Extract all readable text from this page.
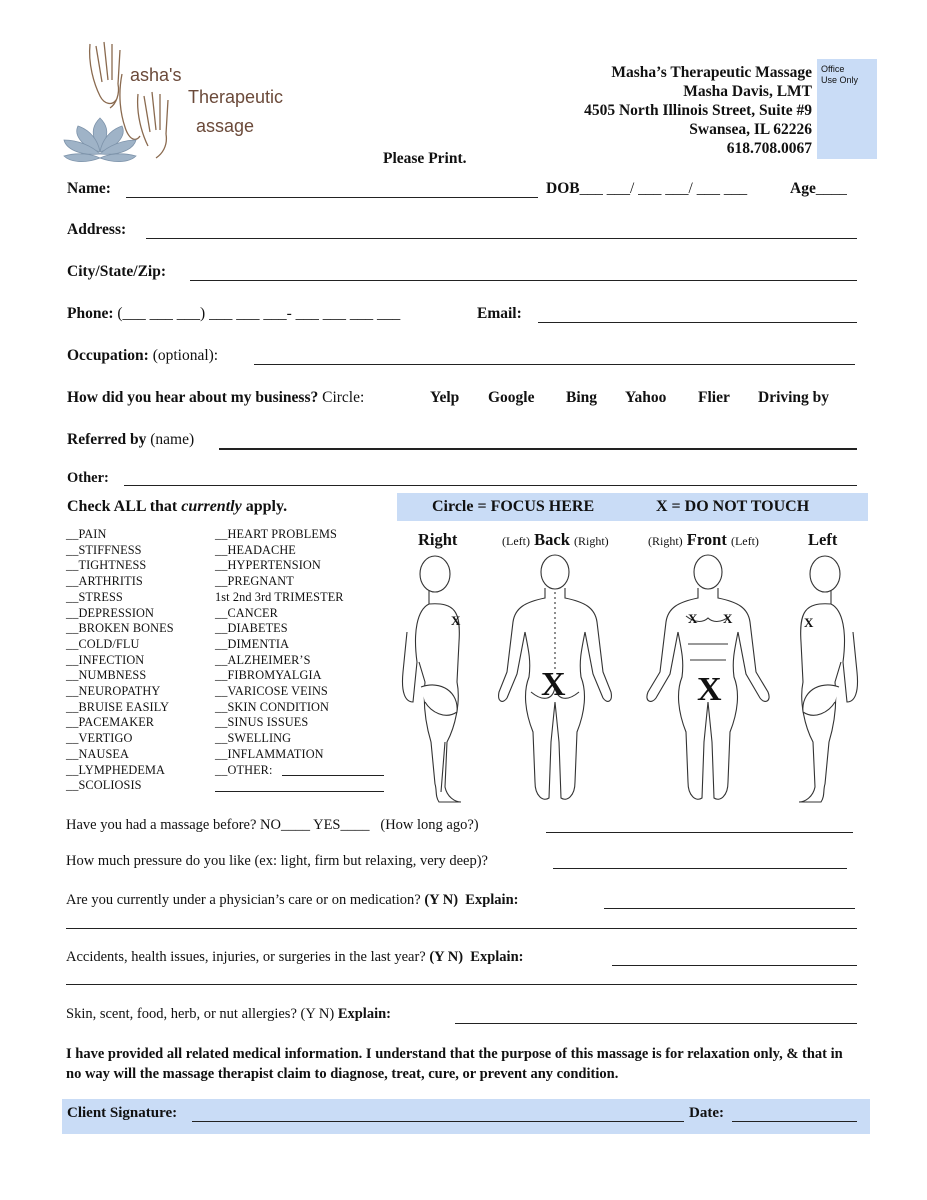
asha's
Therapeutic
assage
Masha’s Therapeutic Massage
Masha Davis, LMT
4505 North Illinois Street, Suite #9
Swansea, IL 62226
618.708.0067
Office
Use Only
Please Print.
Name:	DOB___ ___/ ___ ___/ ___ ___	Age____
Address:
City/State/Zip:
Phone: (___ ___ ___) ___ ___ ___- ___ ___ ___ ___	Email:
Occupation: (optional):
How did you hear about my business? Circle:	Yelp Google Bing Yahoo Flier Driving by
Referred by (name)
Other:
Check ALL that currently apply.
__PAIN
__STIFFNESS
__TIGHTNESS
__ARTHRITIS
__STRESS
__DEPRESSION
__BROKEN BONES
__COLD/FLU
__INFECTION
__NUMBNESS
__NEUROPATHY
__BRUISE EASILY
__PACEMAKER
__VERTIGO
__NAUSEA
__LYMPHEDEMA
__SCOLIOSIS
__HEART PROBLEMS
__HEADACHE
__HYPERTENSION
__PREGNANT
1st 2nd 3rd TRIMESTER
__CANCER
__DIABETES
__DIMENTIA
__ALZHEIMER’S
__FIBROMYALGIA
__VARICOSE VEINS
__SKIN CONDITION
__SINUS ISSUES
__SWELLING
__INFLAMMATION
__OTHER:
Circle = FOCUS HERE	X = DO NOT TOUCH
Right	(Left) Back (Right)	(Right) Front (Left)	Left
X
X
X X
X
X
Have you had a massage before? NO____ YES____ (How long ago?)
How much pressure do you like (ex: light, firm but relaxing, very deep)?
Are you currently under a physician’s care or on medication? (Y N) Explain:
Accidents, health issues, injuries, or surgeries in the last year? (Y N) Explain:
Skin, scent, food, herb, or nut allergies? (Y N) Explain:
I have provided all related medical information. I understand that the purpose of this massage is for relaxation only, & that in no way will the massage therapist claim to diagnose, treat, cure, or prevent any condition.
Client Signature:	Date:
